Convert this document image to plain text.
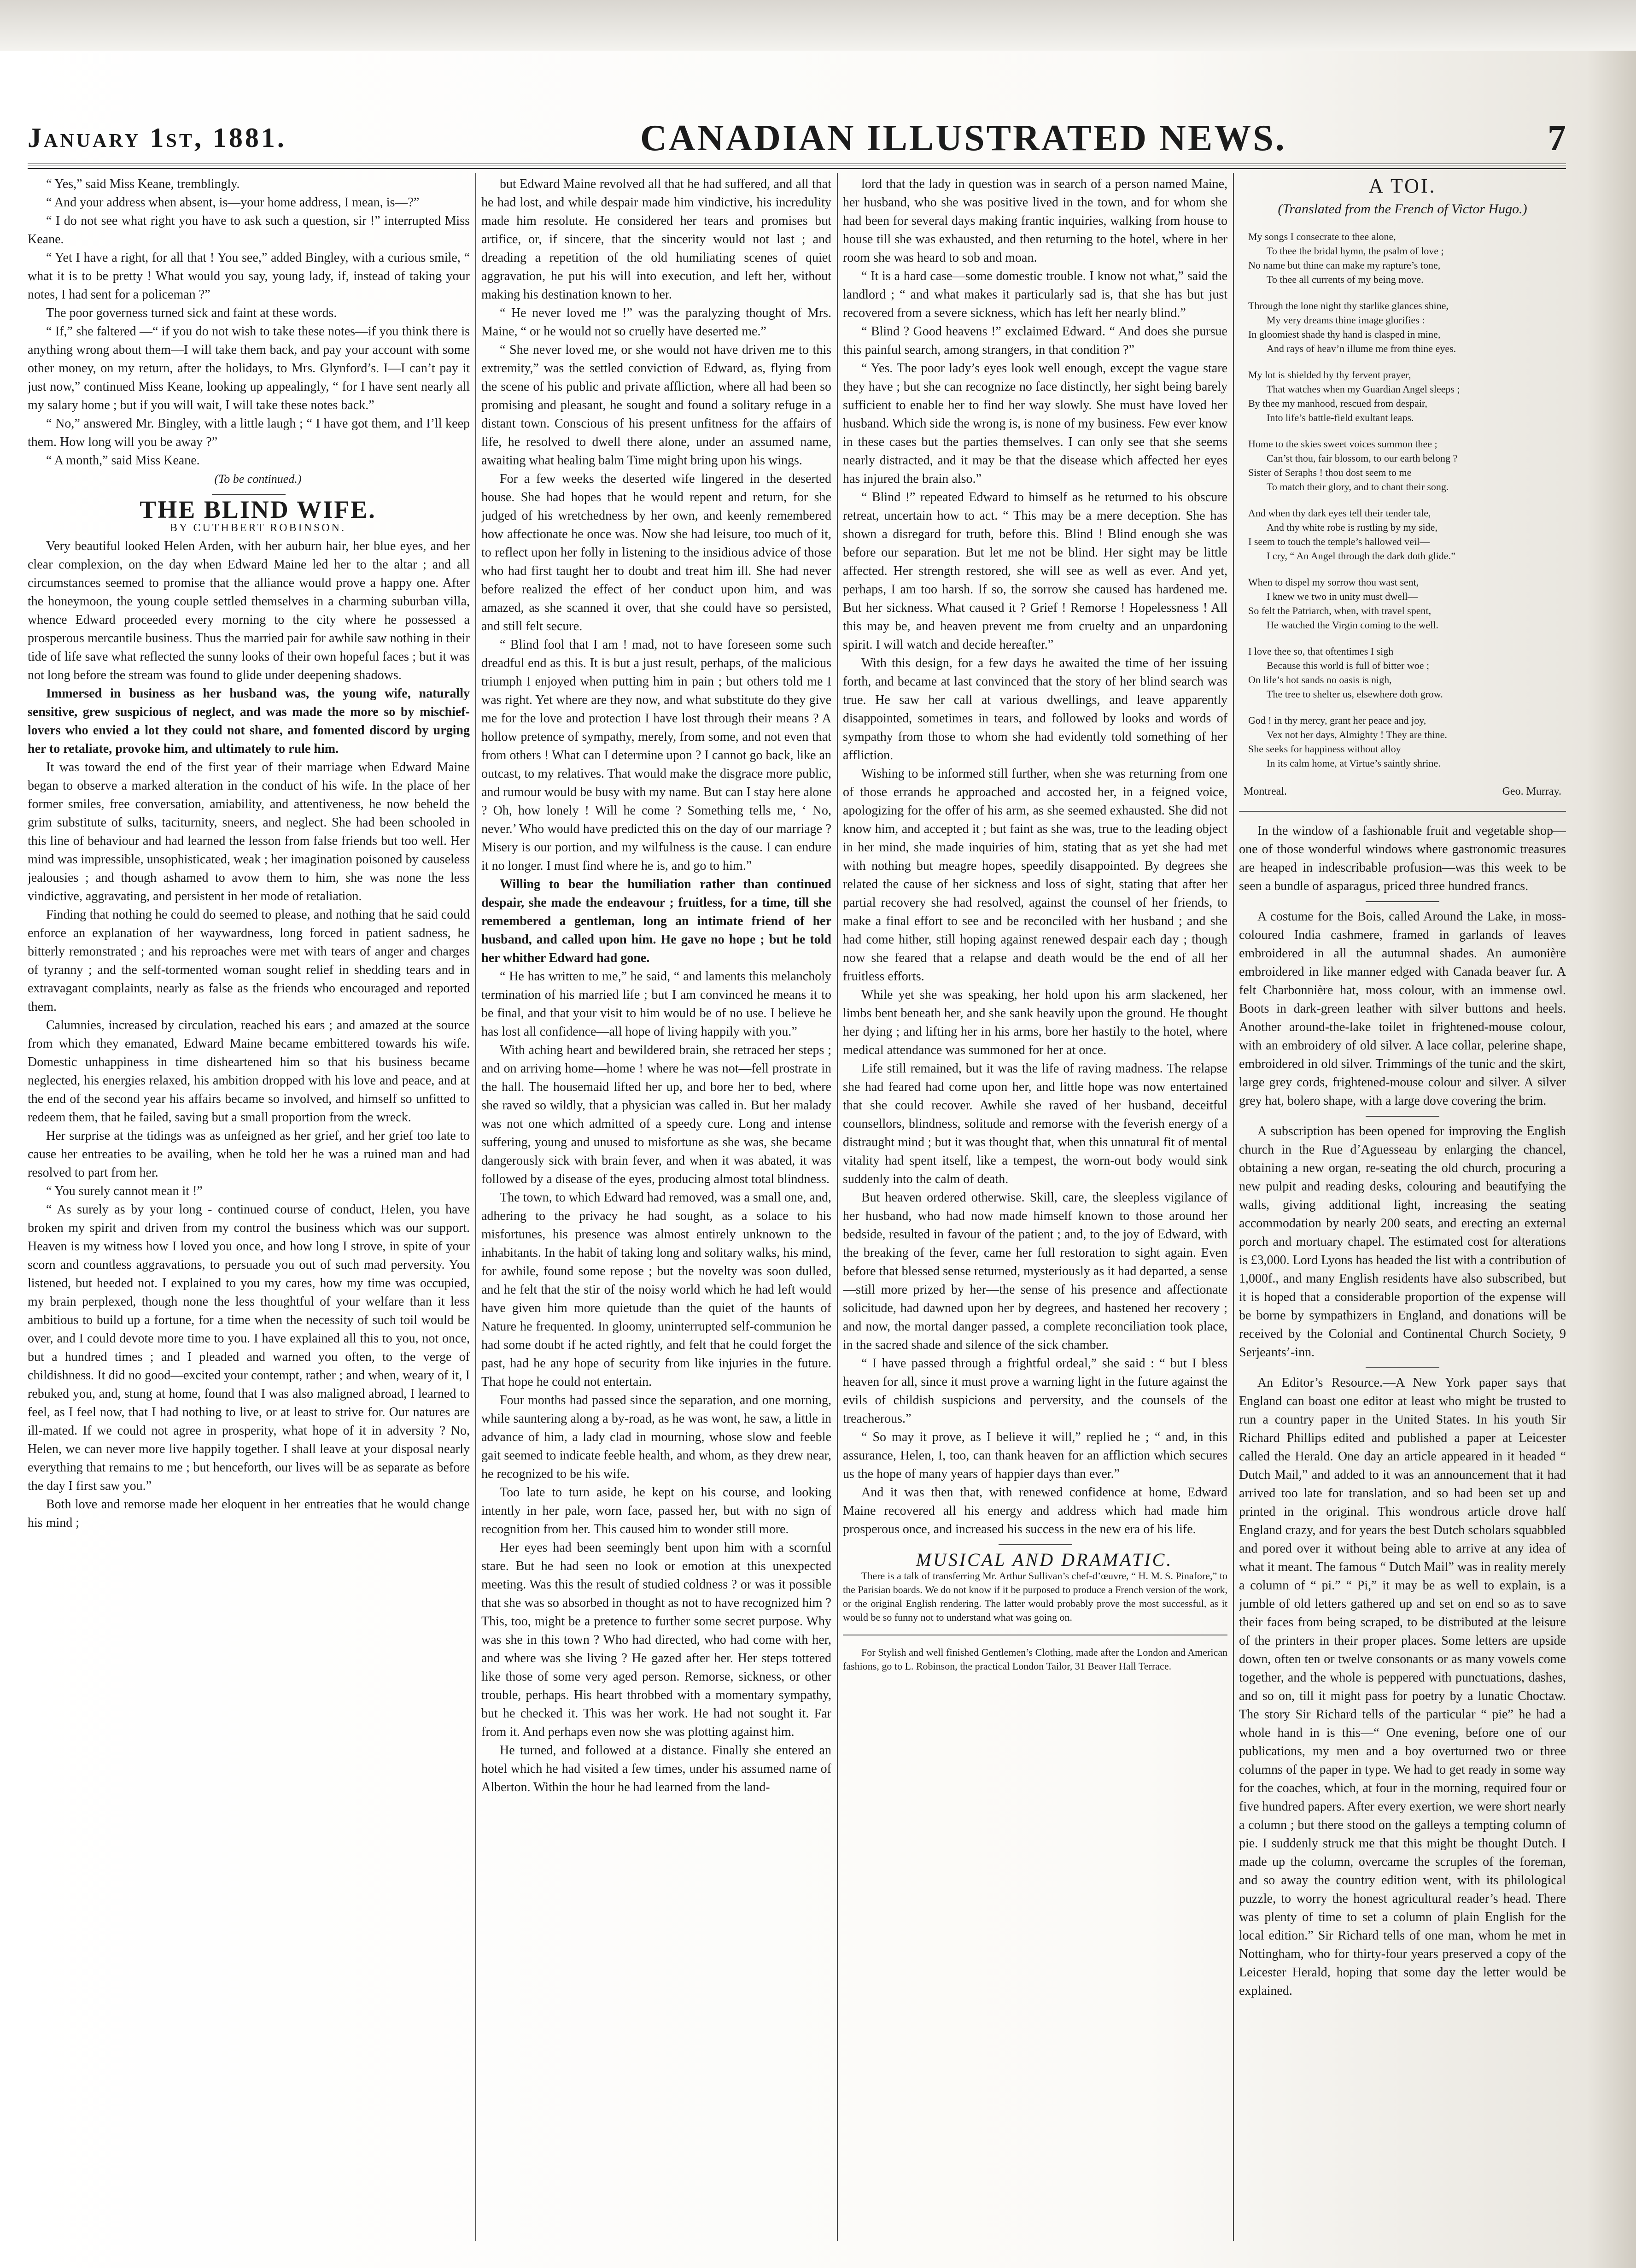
January 1st, 1881.	CANADIAN ILLUSTRATED NEWS.	7

“ Yes,” said Miss Keane, tremblingly.

“ And your address when absent, is—your home address, I mean, is—?”

“ I do not see what right you have to ask such a question, sir !” interrupted Miss Keane.

“ Yet I have a right, for all that ! You see,” added Bingley, with a curious smile, “ what it is to be pretty ! What would you say, young lady, if, instead of taking your notes, I had sent for a policeman ?”

The poor governess turned sick and faint at these words.

“ If,” she faltered —“ if you do not wish to take these notes—if you think there is anything wrong about them—I will take them back, and pay your account with some other money, on my return, after the holidays, to Mrs. Glynford’s. I—I can’t pay it just now,” continued Miss Keane, looking up appealingly, “ for I have sent nearly all my salary home ; but if you will wait, I will take these notes back.”

“ No,” answered Mr. Bingley, with a little laugh ; “ I have got them, and I’ll keep them. How long will you be away ?”

“ A month,” said Miss Keane.

(To be continued.)

THE BLIND WIFE.

BY CUTHBERT ROBINSON.

Very beautiful looked Helen Arden, with her auburn hair, her blue eyes, and her clear complexion, on the day when Edward Maine led her to the altar ; and all circumstances seemed to promise that the alliance would prove a happy one. After the honeymoon, the young couple settled themselves in a charming suburban villa, whence Edward proceeded every morning to the city where he possessed a prosperous mercantile business. Thus the married pair for awhile saw nothing in their tide of life save what reflected the sunny looks of their own hopeful faces ; but it was not long before the stream was found to glide under deepening shadows.

Immersed in business as her husband was, the young wife, naturally sensitive, grew suspicious of neglect, and was made the more so by mischief-lovers who envied a lot they could not share, and fomented discord by urging her to retaliate, provoke him, and ultimately to rule him.

It was toward the end of the first year of their marriage when Edward Maine began to observe a marked alteration in the conduct of his wife. In the place of her former smiles, free conversation, amiability, and attentiveness, he now beheld the grim substitute of sulks, taciturnity, sneers, and neglect. She had been schooled in this line of behaviour and had learned the lesson from false friends but too well. Her mind was impressible, unsophisticated, weak ; her imagination poisoned by causeless jealousies ; and though ashamed to avow them to him, she was none the less vindictive, aggravating, and persistent in her mode of retaliation.

Finding that nothing he could do seemed to please, and nothing that he said could enforce an explanation of her waywardness, long forced in patient sadness, he bitterly remonstrated ; and his reproaches were met with tears of anger and charges of tyranny ; and the self-tormented woman sought relief in shedding tears and in extravagant complaints, nearly as false as the friends who encouraged and reported them.

Calumnies, increased by circulation, reached his ears ; and amazed at the source from which they emanated, Edward Maine became embittered towards his wife. Domestic unhappiness in time disheartened him so that his business became neglected, his energies relaxed, his ambition dropped with his love and peace, and at the end of the second year his affairs became so involved, and himself so unfitted to redeem them, that he failed, saving but a small proportion from the wreck.

Her surprise at the tidings was as unfeigned as her grief, and her grief too late to cause her entreaties to be availing, when he told her he was a ruined man and had resolved to part from her.

“ You surely cannot mean it !”

“ As surely as by your long - continued course of conduct, Helen, you have broken my spirit and driven from my control the business which was our support. Heaven is my witness how I loved you once, and how long I strove, in spite of your scorn and countless aggravations, to persuade you out of such mad perversity. You listened, but heeded not. I explained to you my cares, how my time was occupied, my brain perplexed, though none the less thoughtful of your welfare than it less ambitious to build up a fortune, for a time when the necessity of such toil would be over, and I could devote more time to you. I have explained all this to you, not once, but a hundred times ; and I pleaded and warned you often, to the verge of childishness. It did no good—excited your contempt, rather ; and when, weary of it, I rebuked you, and, stung at home, found that I was also maligned abroad, I learned to feel, as I feel now, that I had nothing to live, or at least to strive for. Our natures are ill-mated. If we could not agree in prosperity, what hope of it in adversity ? No, Helen, we can never more live happily together. I shall leave at your disposal nearly everything that remains to me ; but henceforth, our lives will be as separate as before the day I first saw you.”

Both love and remorse made her eloquent in her entreaties that he would change his mind ;

but Edward Maine revolved all that he had suffered, and all that he had lost, and while despair made him vindictive, his incredulity made him resolute. He considered her tears and promises but artifice, or, if sincere, that the sincerity would not last ; and dreading a repetition of the old humiliating scenes of quiet aggravation, he put his will into execution, and left her, without making his destination known to her.

“ He never loved me !” was the paralyzing thought of Mrs. Maine, “ or he would not so cruelly have deserted me.”

“ She never loved me, or she would not have driven me to this extremity,” was the settled conviction of Edward, as, flying from the scene of his public and private affliction, where all had been so promising and pleasant, he sought and found a solitary refuge in a distant town. Conscious of his present unfitness for the affairs of life, he resolved to dwell there alone, under an assumed name, awaiting what healing balm Time might bring upon his wings.

For a few weeks the deserted wife lingered in the deserted house. She had hopes that he would repent and return, for she judged of his wretchedness by her own, and keenly remembered how affectionate he once was. Now she had leisure, too much of it, to reflect upon her folly in listening to the insidious advice of those who had first taught her to doubt and treat him ill. She had never before realized the effect of her conduct upon him, and was amazed, as she scanned it over, that she could have so persisted, and still felt secure.

“ Blind fool that I am ! mad, not to have foreseen some such dreadful end as this. It is but a just result, perhaps, of the malicious triumph I enjoyed when putting him in pain ; but others told me I was right. Yet where are they now, and what substitute do they give me for the love and protection I have lost through their means ? A hollow pretence of sympathy, merely, from some, and not even that from others ! What can I determine upon ? I cannot go back, like an outcast, to my relatives. That would make the disgrace more public, and rumour would be busy with my name. But can I stay here alone ? Oh, how lonely ! Will he come ? Something tells me, ‘ No, never.’ Who would have predicted this on the day of our marriage ? Misery is our portion, and my wilfulness is the cause. I can endure it no longer. I must find where he is, and go to him.”

Willing to bear the humiliation rather than continued despair, she made the endeavour ; fruitless, for a time, till she remembered a gentleman, long an intimate friend of her husband, and called upon him. He gave no hope ; but he told her whither Edward had gone.

“ He has written to me,” he said, “ and laments this melancholy termination of his married life ; but I am convinced he means it to be final, and that your visit to him would be of no use. I believe he has lost all confidence—all hope of living happily with you.”

With aching heart and bewildered brain, she retraced her steps ; and on arriving home—home ! where he was not—fell prostrate in the hall. The housemaid lifted her up, and bore her to bed, where she raved so wildly, that a physician was called in. But her malady was not one which admitted of a speedy cure. Long and intense suffering, young and unused to misfortune as she was, she became dangerously sick with brain fever, and when it was abated, it was followed by a disease of the eyes, producing almost total blindness.

The town, to which Edward had removed, was a small one, and, adhering to the privacy he had sought, as a solace to his misfortunes, his presence was almost entirely unknown to the inhabitants. In the habit of taking long and solitary walks, his mind, for awhile, found some repose ; but the novelty was soon dulled, and he felt that the stir of the noisy world which he had left would have given him more quietude than the quiet of the haunts of Nature he frequented. In gloomy, uninterrupted self-communion he had some doubt if he acted rightly, and felt that he could forget the past, had he any hope of security from like injuries in the future. That hope he could not entertain.

Four months had passed since the separation, and one morning, while sauntering along a by-road, as he was wont, he saw, a little in advance of him, a lady clad in mourning, whose slow and feeble gait seemed to indicate feeble health, and whom, as they drew near, he recognized to be his wife.

Too late to turn aside, he kept on his course, and looking intently in her pale, worn face, passed her, but with no sign of recognition from her. This caused him to wonder still more.

Her eyes had been seemingly bent upon him with a scornful stare. But he had seen no look or emotion at this unexpected meeting. Was this the result of studied coldness ? or was it possible that she was so absorbed in thought as not to have recognized him ? This, too, might be a pretence to further some secret purpose. Why was she in this town ? Who had directed, who had come with her, and where was she living ? He gazed after her. Her steps tottered like those of some very aged person. Remorse, sickness, or other trouble, perhaps. His heart throbbed with a momentary sympathy, but he checked it. This was her work. He had not sought it. Far from it. And perhaps even now she was plotting against him.

He turned, and followed at a distance. Finally she entered an hotel which he had visited a few times, under his assumed name of Alberton. Within the hour he had learned from the land-

lord that the lady in question was in search of a person named Maine, her husband, who she was positive lived in the town, and for whom she had been for several days making frantic inquiries, walking from house to house till she was exhausted, and then returning to the hotel, where in her room she was heard to sob and moan.

“ It is a hard case—some domestic trouble. I know not what,” said the landlord ; “ and what makes it particularly sad is, that she has but just recovered from a severe sickness, which has left her nearly blind.”

“ Blind ? Good heavens !” exclaimed Edward. “ And does she pursue this painful search, among strangers, in that condition ?”

“ Yes. The poor lady’s eyes look well enough, except the vague stare they have ; but she can recognize no face distinctly, her sight being barely sufficient to enable her to find her way slowly. She must have loved her husband. Which side the wrong is, is none of my business. Few ever know in these cases but the parties themselves. I can only see that she seems nearly distracted, and it may be that the disease which affected her eyes has injured the brain also.”

“ Blind !” repeated Edward to himself as he returned to his obscure retreat, uncertain how to act. “ This may be a mere deception. She has shown a disregard for truth, before this. Blind ! Blind enough she was before our separation. But let me not be blind. Her sight may be little affected. Her strength restored, she will see as well as ever. And yet, perhaps, I am too harsh. If so, the sorrow she caused has hardened me. But her sickness. What caused it ? Grief ! Remorse ! Hopelessness ! All this may be, and heaven prevent me from cruelty and an unpardoning spirit. I will watch and decide hereafter.”

With this design, for a few days he awaited the time of her issuing forth, and became at last convinced that the story of her blind search was true. He saw her call at various dwellings, and leave apparently disappointed, sometimes in tears, and followed by looks and words of sympathy from those to whom she had evidently told something of her affliction.

Wishing to be informed still further, when she was returning from one of those errands he approached and accosted her, in a feigned voice, apologizing for the offer of his arm, as she seemed exhausted. She did not know him, and accepted it ; but faint as she was, true to the leading object in her mind, she made inquiries of him, stating that as yet she had met with nothing but meagre hopes, speedily disappointed. By degrees she related the cause of her sickness and loss of sight, stating that after her partial recovery she had resolved, against the counsel of her friends, to make a final effort to see and be reconciled with her husband ; and she had come hither, still hoping against renewed despair each day ; though now she feared that a relapse and death would be the end of all her fruitless efforts.

While yet she was speaking, her hold upon his arm slackened, her limbs bent beneath her, and she sank heavily upon the ground. He thought her dying ; and lifting her in his arms, bore her hastily to the hotel, where medical attendance was summoned for her at once.

Life still remained, but it was the life of raving madness. The relapse she had feared had come upon her, and little hope was now entertained that she could recover. Awhile she raved of her husband, deceitful counsellors, blindness, solitude and remorse with the feverish energy of a distraught mind ; but it was thought that, when this unnatural fit of mental vitality had spent itself, like a tempest, the worn-out body would sink suddenly into the calm of death.

But heaven ordered otherwise. Skill, care, the sleepless vigilance of her husband, who had now made himself known to those around her bedside, resulted in favour of the patient ; and, to the joy of Edward, with the breaking of the fever, came her full restoration to sight again. Even before that blessed sense returned, mysteriously as it had departed, a sense—still more prized by her—the sense of his presence and affectionate solicitude, had dawned upon her by degrees, and hastened her recovery ; and now, the mortal danger passed, a complete reconciliation took place, in the sacred shade and silence of the sick chamber.

“ I have passed through a frightful ordeal,” she said : “ but I bless heaven for all, since it must prove a warning light in the future against the evils of childish suspicions and perversity, and the counsels of the treacherous.”

“ So may it prove, as I believe it will,” replied he ; “ and, in this assurance, Helen, I, too, can thank heaven for an affliction which secures us the hope of many years of happier days than ever.”

And it was then that, with renewed confidence at home, Edward Maine recovered all his energy and address which had made him prosperous once, and increased his success in the new era of his life.

MUSICAL AND DRAMATIC.

There is a talk of transferring Mr. Arthur Sullivan’s chef-d’œuvre, “ H. M. S. Pinafore,” to the Parisian boards. We do not know if it be purposed to produce a French version of the work, or the original English rendering. The latter would probably prove the most successful, as it would be so funny not to understand what was going on.

For Stylish and well finished Gentlemen’s Clothing, made after the London and American fashions, go to L. Robinson, the practical London Tailor, 31 Beaver Hall Terrace.

A TOI.
(Translated from the French of Victor Hugo.)
My songs I consecrate to thee alone,
To thee the bridal hymn, the psalm of love ;
No name but thine can make my rapture’s tone,
To thee all currents of my being move.
Through the lone night thy starlike glances shine,
My very dreams thine image glorifies :
In gloomiest shade thy hand is clasped in mine,
And rays of heav’n illume me from thine eyes.
My lot is shielded by thy fervent prayer,
That watches when my Guardian Angel sleeps ;
By thee my manhood, rescued from despair,
Into life’s battle-field exultant leaps.
Home to the skies sweet voices summon thee ;
Can’st thou, fair blossom, to our earth belong ?
Sister of Seraphs ! thou dost seem to me
To match their glory, and to chant their song.
And when thy dark eyes tell their tender tale,
And thy white robe is rustling by my side,
I seem to touch the temple’s hallowed veil—
I cry, “ An Angel through the dark doth glide.”
When to dispel my sorrow thou wast sent,
I knew we two in unity must dwell—
So felt the Patriarch, when, with travel spent,
He watched the Virgin coming to the well.
I love thee so, that oftentimes I sigh
Because this world is full of bitter woe ;
On life’s hot sands no oasis is nigh,
The tree to shelter us, elsewhere doth grow.
God ! in thy mercy, grant her peace and joy,
Vex not her days, Almighty ! They are thine.
She seeks for happiness without alloy
In its calm home, at Virtue’s saintly shrine.
Montreal.	Geo. Murray.

In the window of a fashionable fruit and vegetable shop—one of those wonderful windows where gastronomic treasures are heaped in indescribable profusion—was this week to be seen a bundle of asparagus, priced three hundred francs.

A costume for the Bois, called Around the Lake, in moss-coloured India cashmere, framed in garlands of leaves embroidered in all the autumnal shades. An aumonière embroidered in like manner edged with Canada beaver fur. A felt Charbonnière hat, moss colour, with an immense owl. Boots in dark-green leather with silver buttons and heels. Another around-the-lake toilet in frightened-mouse colour, with an embroidery of old silver. A lace collar, pelerine shape, embroidered in old silver. Trimmings of the tunic and the skirt, large grey cords, frightened-mouse colour and silver. A silver grey hat, bolero shape, with a large dove covering the brim.

A subscription has been opened for improving the English church in the Rue d’Aguesseau by enlarging the chancel, obtaining a new organ, re-seating the old church, procuring a new pulpit and reading desks, colouring and beautifying the walls, giving additional light, increasing the seating accommodation by nearly 200 seats, and erecting an external porch and mortuary chapel. The estimated cost for alterations is £3,000. Lord Lyons has headed the list with a contribution of 1,000f., and many English residents have also subscribed, but it is hoped that a considerable proportion of the expense will be borne by sympathizers in England, and donations will be received by the Colonial and Continental Church Society, 9 Serjeants’-inn.

An Editor’s Resource.—A New York paper says that England can boast one editor at least who might be trusted to run a country paper in the United States. In his youth Sir Richard Phillips edited and published a paper at Leicester called the Herald. One day an article appeared in it headed “ Dutch Mail,” and added to it was an announcement that it had arrived too late for translation, and so had been set up and printed in the original. This wondrous article drove half England crazy, and for years the best Dutch scholars squabbled and pored over it without being able to arrive at any idea of what it meant. The famous “ Dutch Mail” was in reality merely a column of “ pi.” “ Pi,” it may be as well to explain, is a jumble of old letters gathered up and set on end so as to save their faces from being scraped, to be distributed at the leisure of the printers in their proper places. Some letters are upside down, often ten or twelve consonants or as many vowels come together, and the whole is peppered with punctuations, dashes, and so on, till it might pass for poetry by a lunatic Choctaw. The story Sir Richard tells of the particular “ pie” he had a whole hand in is this—“ One evening, before one of our publications, my men and a boy overturned two or three columns of the paper in type. We had to get ready in some way for the coaches, which, at four in the morning, required four or five hundred papers. After every exertion, we were short nearly a column ; but there stood on the galleys a tempting column of pie. I suddenly struck me that this might be thought Dutch. I made up the column, overcame the scruples of the foreman, and so away the country edition went, with its philological puzzle, to worry the honest agricultural reader’s head. There was plenty of time to set a column of plain English for the local edition.” Sir Richard tells of one man, whom he met in Nottingham, who for thirty-four years preserved a copy of the Leicester Herald, hoping that some day the letter would be explained.
